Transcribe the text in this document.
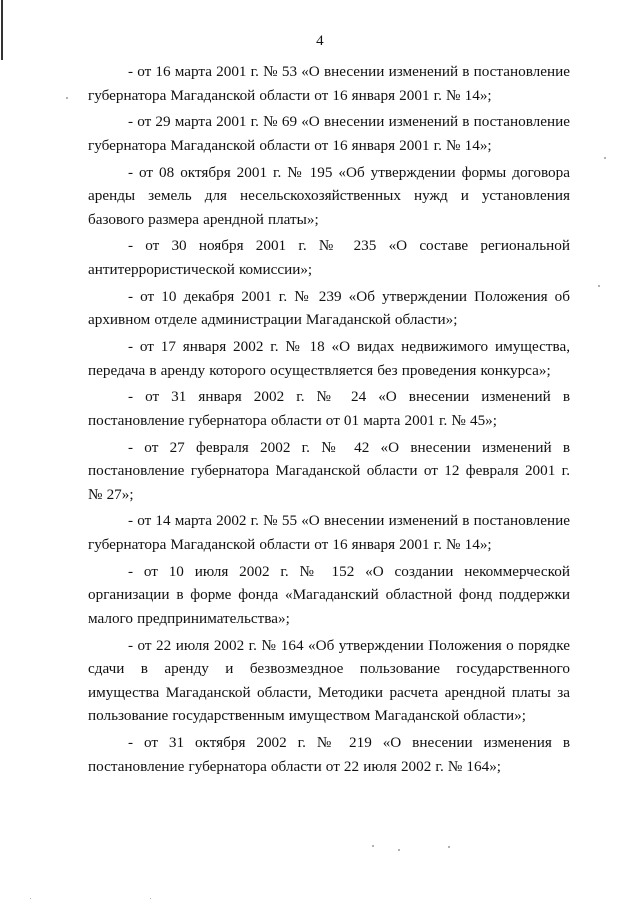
4

- от 16 марта 2001 г. № 53 «О внесении изменений в постановление губернатора Магаданской области от 16 января 2001 г. № 14»;

- от 29 марта 2001 г. № 69 «О внесении изменений в постановление губернатора Магаданской области от 16 января 2001 г. № 14»;

- от 08 октября 2001 г. № 195 «Об утверждении формы договора аренды земель для несельскохозяйственных нужд и установления базового размера арендной платы»;

- от 30 ноября 2001 г. № 235 «О составе региональной антитеррористической комиссии»;

- от 10 декабря 2001 г. № 239 «Об утверждении Положения об архивном отделе администрации Магаданской области»;

- от 17 января 2002 г. № 18 «О видах недвижимого имущества, передача в аренду которого осуществляется без проведения конкурса»;

- от 31 января 2002 г. № 24 «О внесении изменений в постановление губернатора области от 01 марта 2001 г. № 45»;

- от 27 февраля 2002 г. № 42 «О внесении изменений в постановление губернатора Магаданской области от 12 февраля 2001 г. № 27»;

- от 14 марта 2002 г. № 55 «О внесении изменений в постановление губернатора Магаданской области от 16 января 2001 г. № 14»;

- от 10 июля 2002 г. № 152 «О создании некоммерческой организации в форме фонда «Магаданский областной фонд поддержки малого предпринимательства»;

- от 22 июля 2002 г. № 164 «Об утверждении Положения о порядке сдачи в аренду и безвозмездное пользование государственного имущества Магаданской области, Методики расчета арендной платы за пользование государственным имуществом Магаданской области»;

- от 31 октября 2002 г. № 219 «О внесении изменения в постановление губернатора области от 22 июля 2002 г. № 164»;
